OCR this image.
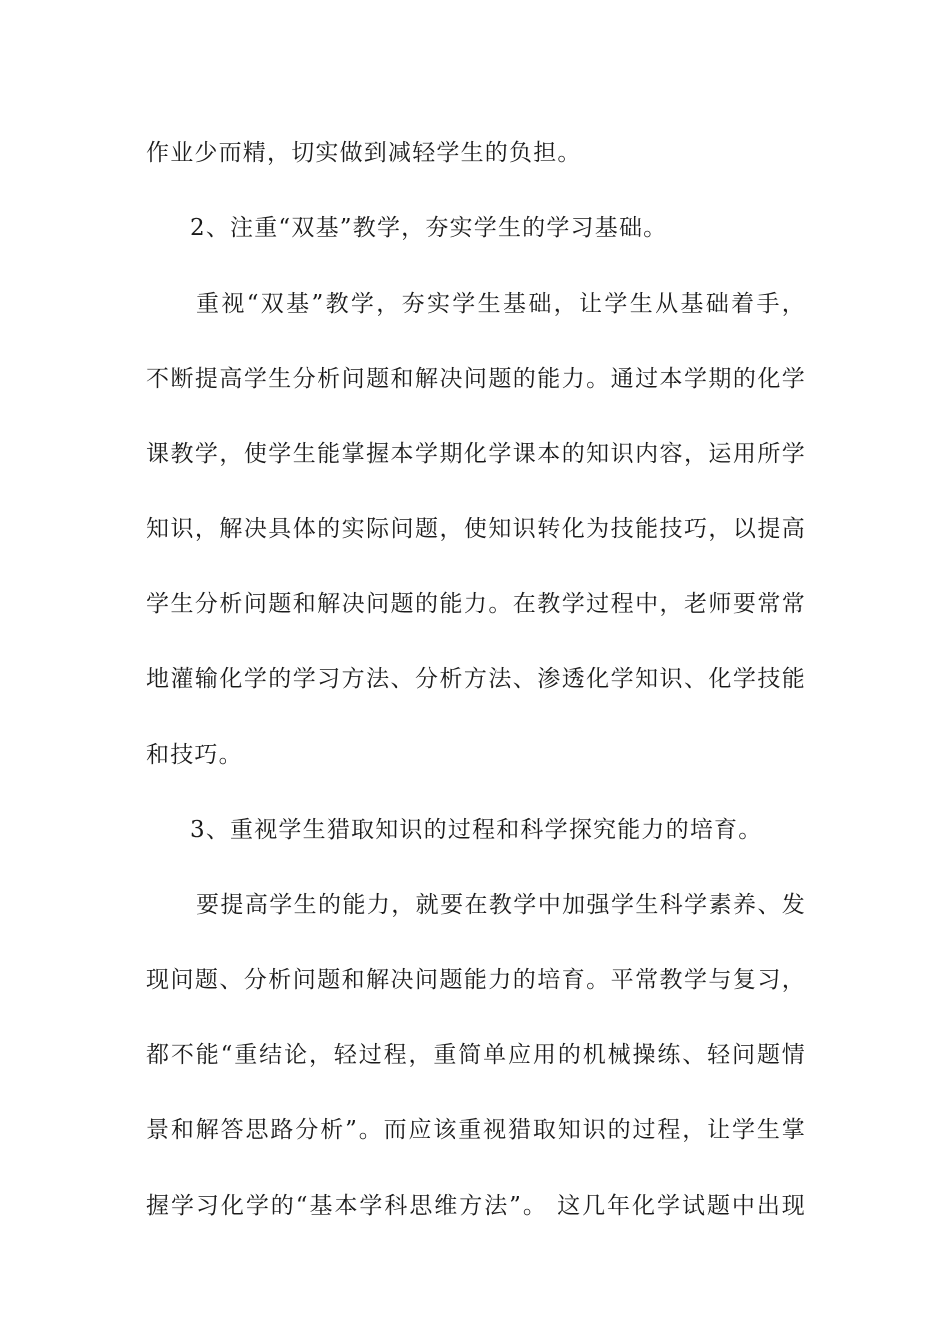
作业少而精，切实做到减轻学生的负担。
2、注重“双基”教学，夯实学生的学习基础。
重视“双基”教学，夯实学生基础，让学生从基础着手，
不断提高学生分析问题和解决问题的能力。通过本学期的化学
课教学，使学生能掌握本学期化学课本的知识内容，运用所学
知识，解决具体的实际问题，使知识转化为技能技巧，以提高
学生分析问题和解决问题的能力。在教学过程中，老师要常常
地灌输化学的学习方法、分析方法、渗透化学知识、化学技能
和技巧。
3、重视学生猎取知识的过程和科学探究能力的培育。
要提高学生的能力，就要在教学中加强学生科学素养、发
现问题、分析问题和解决问题能力的培育。平常教学与复习，
都不能“重结论，轻过程，重简单应用的机械操练、轻问题情
景和解答思路分析”。而应该重视猎取知识的过程，让学生掌
握学习化学的“基本学科思维方法”。 这几年化学试题中出现
